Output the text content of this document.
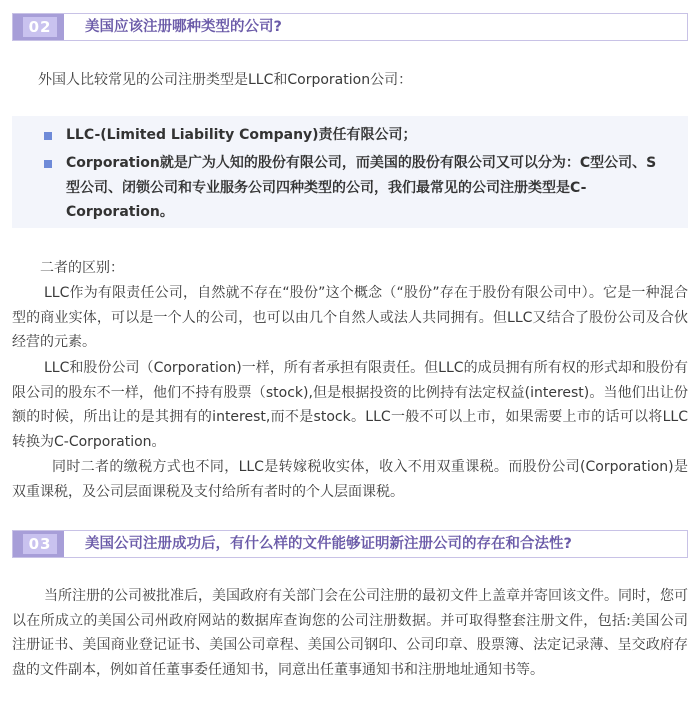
02	美国应该注册哪种类型的公司?

外国人比较常见的公司注册类型是LLC和Corporation公司：

LLC-(Limited Liability Company)责任有限公司；

Corporation就是广为人知的股份有限公司，而美国的股份有限公司又可以分为：C型公司、S型公司、闭锁公司和专业服务公司四种类型的公司，我们最常见的公司注册类型是C-Corporation。

二者的区别：

LLC作为有限责任公司，自然就不存在“股份”这个概念（“股份”存在于股份有限公司中）。它是一种混合型的商业实体，可以是一个人的公司，也可以由几个自然人或法人共同拥有。但LLC又结合了股份公司及合伙经营的元素。

LLC和股份公司（Corporation)一样，所有者承担有限责任。但LLC的成员拥有所有权的形式却和股份有限公司的股东不一样，他们不持有股票（stock),但是根据投资的比例持有法定权益(interest)。当他们出让份额的时候，所出让的是其拥有的interest,而不是stock。LLC一般不可以上市，如果需要上市的话可以将LLC转换为C-Corporation。

同时二者的缴税方式也不同，LLC是转嫁税收实体，收入不用双重课税。而股份公司(Corporation)是双重课税，及公司层面课税及支付给所有者时的个人层面课税。

03	美国公司注册成功后，有什么样的文件能够证明新注册公司的存在和合法性?

当所注册的公司被批准后，美国政府有关部门会在公司注册的最初文件上盖章并寄回该文件。同时，您可以在所成立的美国公司州政府网站的数据库查询您的公司注册数据。并可取得整套注册文件，包括:美国公司注册证书、美国商业登记证书、美国公司章程、美国公司钢印、公司印章、股票簿、法定记录薄、呈交政府存盘的文件副本，例如首任董事委任通知书，同意出任董事通知书和注册地址通知书等。
